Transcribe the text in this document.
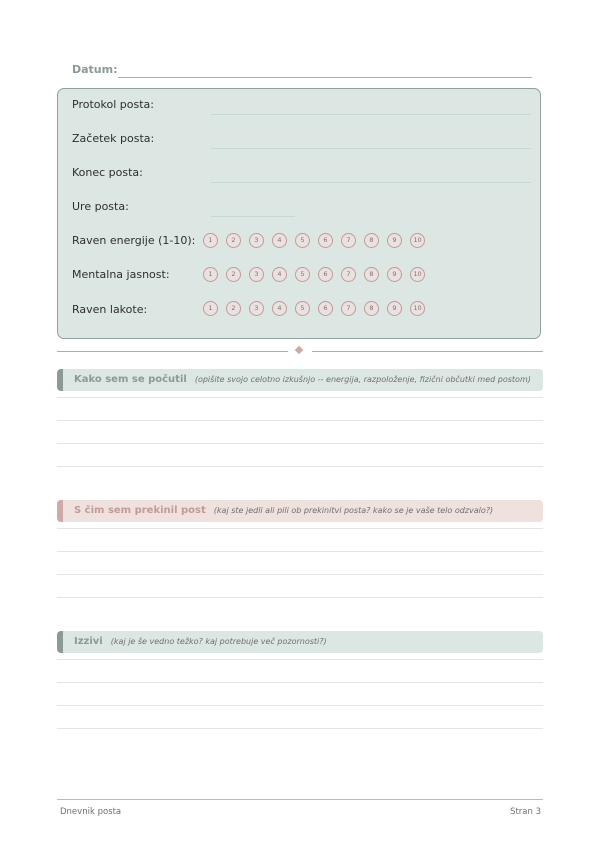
Datum:
Protokol posta:
Začetek posta:
Konec posta:
Ure posta:
Raven energije (1-10):	1	2	3	4	5	6	7	8	9	10
Mentalna jasnost:	1	2	3	4	5	6	7	8	9	10
Raven lakote:	1	2	3	4	5	6	7	8	9	10
Kako sem se počutil (opišite svojo celotno izkušnjo -- energija, razpoloženje, fizični občutki med postom)
S čim sem prekinil post (kaj ste jedli ali pili ob prekinitvi posta? kako se je vaše telo odzvalo?)
Izzivi (kaj je še vedno težko? kaj potrebuje več pozornosti?)
Dnevnik posta	Stran 3
